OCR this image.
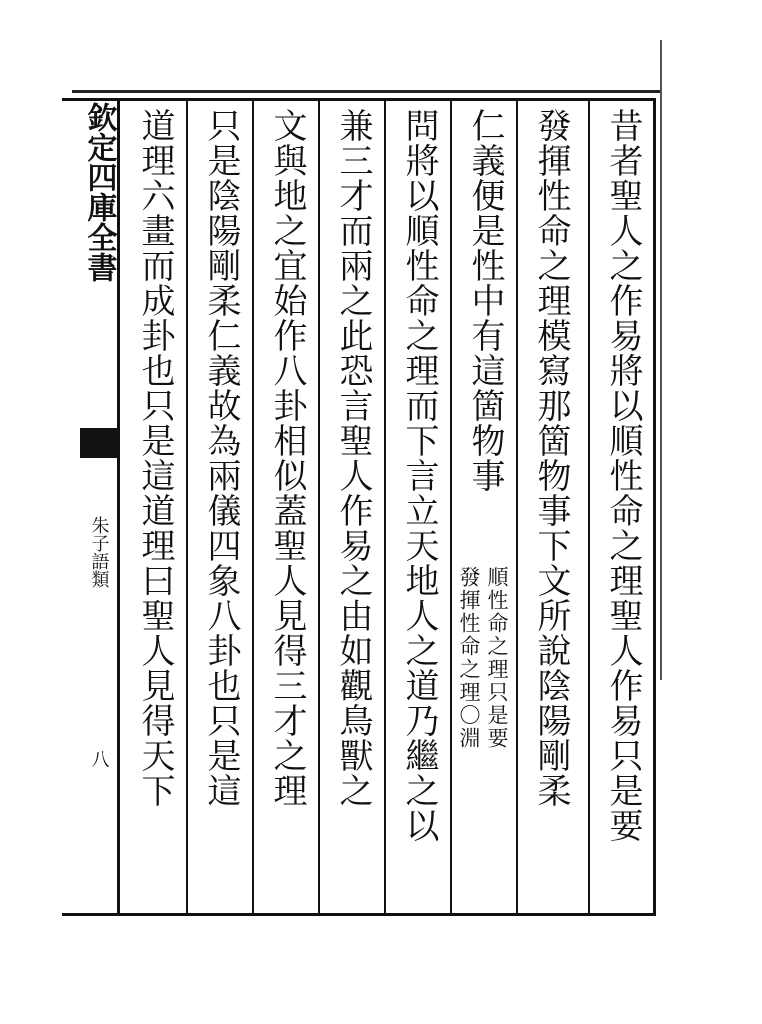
欽定四庫全書
朱子語類
八	昔者聖人之作易將以順性命之理聖人作易只是要
發揮性命之理模寫那箇物事下文所說陰陽剛柔
仁義便是性中有這箇物事
順性命之理只是要
發揮性命之理〇淵
問將以順性命之理而下言立天地人之道乃繼之以
兼三才而兩之此恐言聖人作易之由如觀鳥獸之
文與地之宜始作八卦相似蓋聖人見得三才之理
只是陰陽剛柔仁義故為兩儀四象八卦也只是這
道理六畫而成卦也只是這道理曰聖人見得天下
